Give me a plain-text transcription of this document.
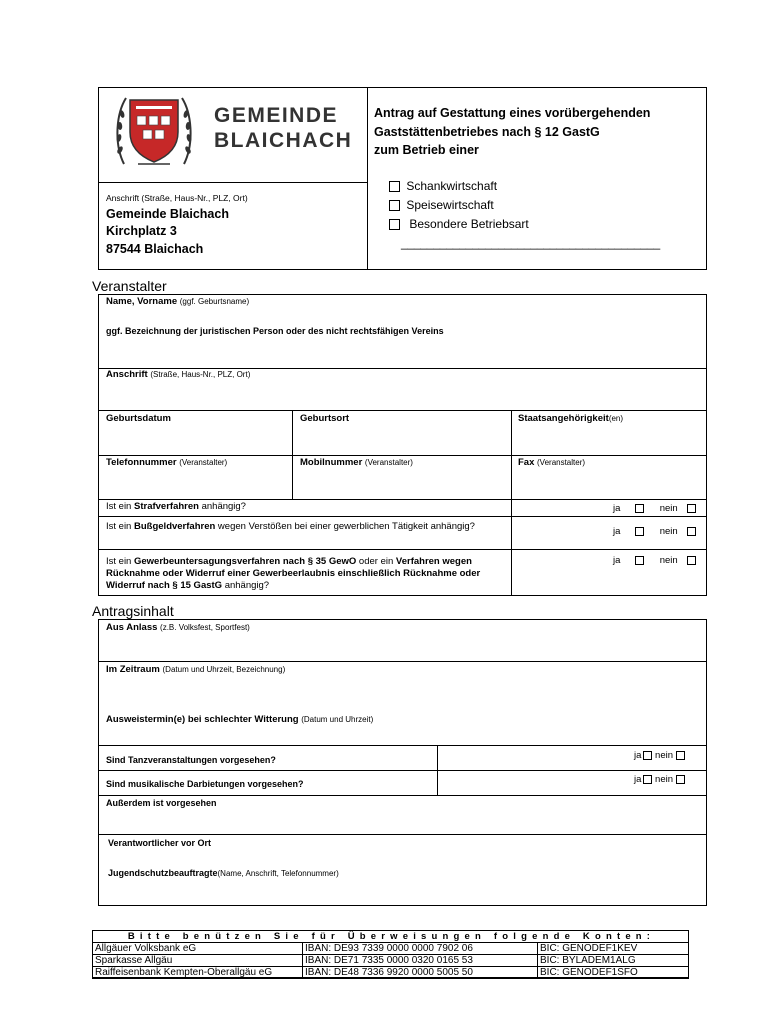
GEMEINDE
BLAICHACH
Antrag auf Gestattung eines vorübergehenden
Gaststättenbetriebes nach § 12 GastG
zum Betrieb einer
Anschrift (Straße, Haus-Nr., PLZ, Ort)
Gemeinde Blaichach
Kirchplatz 3
87544 Blaichach
Schankwirtschaft
Speisewirtschaft
Besondere Betriebsart
________________________________________
Veranstalter
Name, Vorname (ggf. Geburtsname)
ggf. Bezeichnung der juristischen Person oder des nicht rechtsfähigen Vereins
Anschrift (Straße, Haus-Nr., PLZ, Ort)
Geburtsdatum	Geburtsort	Staatsangehörigkeit(en)
Telefonnummer (Veranstalter)	Mobilnummer (Veranstalter)	Fax (Veranstalter)
Ist ein Strafverfahren anhängig?	ja	nein
Ist ein Bußgeldverfahren wegen Verstößen bei einer gewerblichen Tätigkeit anhängig?	ja	nein
Ist ein Gewerbeuntersagungsverfahren nach § 35 GewO oder ein Verfahren wegen Rücknahme oder Widerruf einer Gewerbeerlaubnis einschließlich Rücknahme oder Widerruf nach § 15 GastG anhängig?
ja	nein
Antragsinhalt
Aus Anlass (z.B. Volksfest, Sportfest)
Im Zeitraum (Datum und Uhrzeit, Bezeichnung)
Ausweistermin(e) bei schlechter Witterung (Datum und Uhrzeit)
Sind Tanzveranstaltungen vorgesehen?	ja nein
Sind musikalische Darbietungen vorgesehen?	ja nein
Außerdem ist vorgesehen
Verantwortlicher vor Ort
Jugendschutzbeauftragte(Name, Anschrift, Telefonnummer)
Bitte benützen Sie für Überweisungen folgende Konten:
Allgäuer Volksbank eG	IBAN: DE93 7339 0000 0000 7902 06	BIC: GENODEF1KEV
Sparkasse Allgäu	IBAN: DE71 7335 0000 0320 0165 53	BIC: BYLADEM1ALG
Raiffeisenbank Kempten-Oberallgäu eG	IBAN: DE48 7336 9920 0000 5005 50	BIC: GENODEF1SFO
